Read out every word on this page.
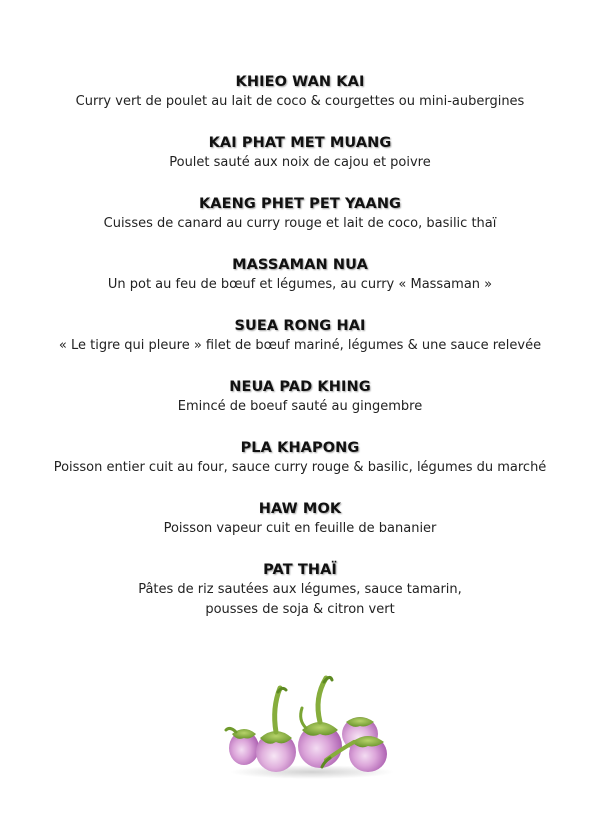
KHIEO WAN KAI
Curry vert de poulet au lait de coco & courgettes ou mini-aubergines
KAI PHAT MET MUANG
Poulet sauté aux noix de cajou et poivre
KAENG PHET PET YAANG
Cuisses de canard au curry rouge et lait de coco, basilic thaï
MASSAMAN NUA
Un pot au feu de bœuf et légumes, au curry « Massaman »
SUEA RONG HAI
« Le tigre qui pleure » filet de bœuf mariné, légumes & une sauce relevée
NEUA PAD KHING
Emincé de boeuf sauté au gingembre
PLA KHAPONG
Poisson entier cuit au four, sauce curry rouge & basilic, légumes du marché
HAW MOK
Poisson vapeur cuit en feuille de bananier
PAT THAÏ
Pâtes de riz sautées aux légumes, sauce tamarin,
pousses de soja & citron vert
